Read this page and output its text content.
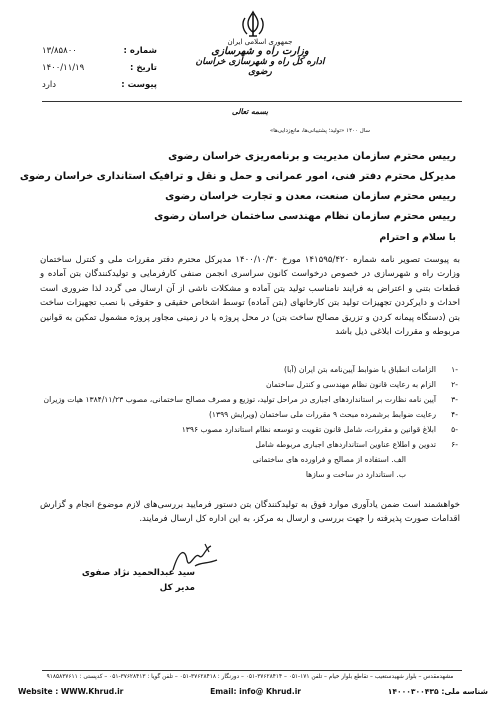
شماره :
۱۳/۸۵۸۰۰
تاریخ :
۱۴۰۰/۱۱/۱۹
پیوست :
دارد
جمهوری اسلامی ایران
وزارت راه و شهرسازی
اداره کل راه و شهرسازی خراسان رضوی
بسمه تعالی
سال ۱۴۰۰ «تولید؛ پشتیبانی‌ها، مانع‌زدایی‌ها»
رییس محترم سازمان مدیریت و برنامه‌ریزی خراسان رضوی
مدیرکل محترم دفتر فنی، امور عمرانی و حمل و نقل و ترافیک استانداری خراسان رضوی
رییس محترم سازمان صنعت، معدن و تجارت خراسان رضوی
رییس محترم سازمان نظام مهندسی ساختمان خراسان رضوی
با سلام و احترام

به پیوست تصویر نامه شماره ۱۴۱۵۹۵/۴۲۰ مورخ ۱۴۰۰/۱۰/۳۰ مدیرکل محترم دفتر مقررات ملی و کنترل ساختمان وزارت راه و شهرسازی در خصوص درخواست کانون سراسری انجمن صنفی کارفرمایی و تولیدکنندگان بتن آماده و قطعات بتنی و اعتراض به فرایند نامناسب تولید بتن آماده و مشکلات ناشی از آن ارسال می گردد لذا ضروری است احداث و دایرکردن تجهیزات تولید بتن کارخانهای (بتن آماده) توسط اشخاص حقیقی و حقوقی با نصب تجهیزات ساخت بتن (دستگاه پیمانه کردن و تزریق مصالح ساخت بتن) در محل پروژه یا در زمینی مجاور پروژه مشمول تمکین به قوانین مربوطه و مقررات ابلاغی ذیل باشد

-۱الزامات انطباق با ضوابط آیین‌نامه بتن ایران (آبا)
-۲الزام به رعایت قانون نظام مهندسی و کنترل ساختمان
-۳آیین نامه نظارت بر استانداردهای اجباری در مراحل تولید، توزیع و مصرف مصالح ساختمانی، مصوب ۱۳۸۴/۱۱/۲۳ هیات وزیران
-۴رعایت ضوابط برشمرده مبحث ۹ مقررات ملی ساختمان (ویرایش ۱۳۹۹)
-۵ابلاغ قوانین و مقررات، شامل قانون تقویت و توسعه نظام استاندارد مصوب ۱۳۹۶
-۶تدوین و اطلاع عناوین استانداردهای اجباری مربوطه شامل
الف. استفاده از مصالح و فراورده های ساختمانی
ب. استاندارد در ساخت و سازها
خواهشمند است ضمن یادآوری موارد فوق به تولیدکنندگان بتن دستور فرمایید بررسی‌های لازم موضوع انجام و گزارش اقدامات صورت پذیرفته را جهت بررسی و ارسال به مرکز، به این اداره کل ارسال فرمایند.
سید عبدالحمید نژاد صفوی
مدیر کل
مشهدمقدس – بلوار شهیدستغیب – تقاطع بلوار خیام – تلفن ۱۷۱-۰۵۱ – ۳۷۶۲۸۴۱۴-۰۵۱ – دورنگار : ۳۷۶۲۸۴۱۸-۰۵۱ – تلفن گویا : ۳۷۶۲۸۴۱۳-۰۵۱ – کدپستی : ۹۱۸۵۸۳۷۶۱۱
Website : WWW.Khrud.ir	Email: info@ Khrud.ir	شناسه ملی: ۱۴۰۰۰۳۰۰۴۳۵
